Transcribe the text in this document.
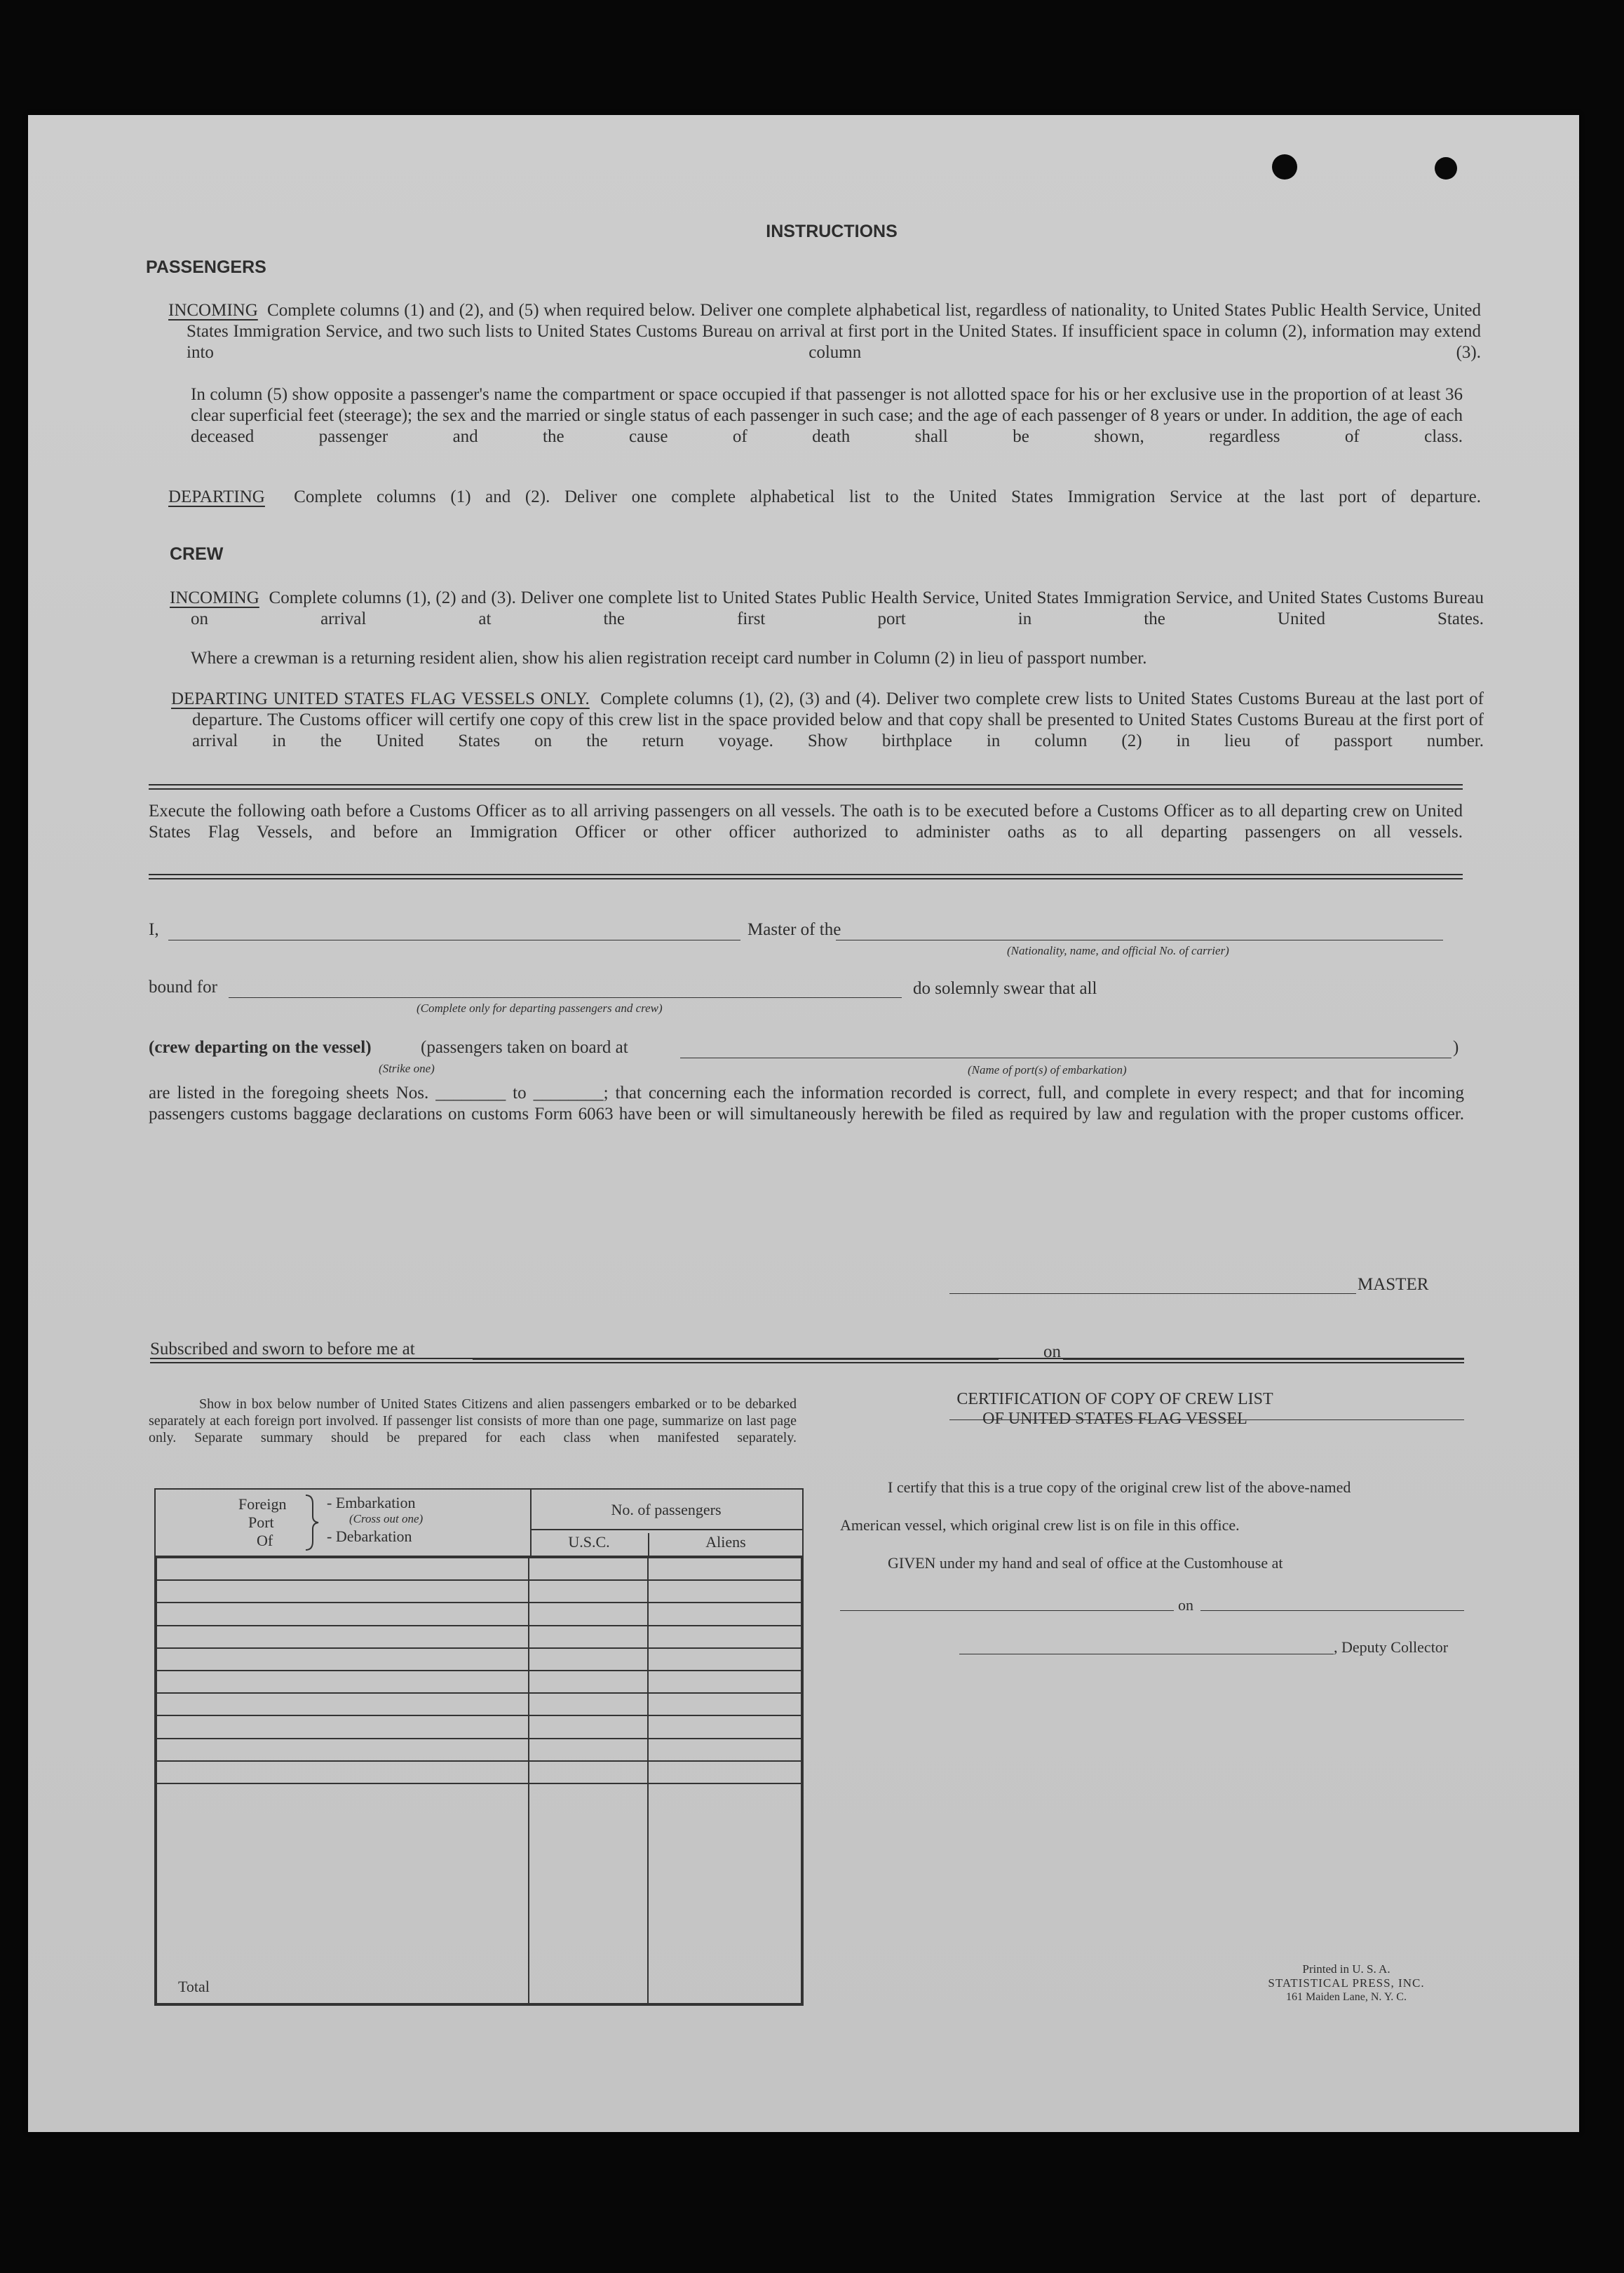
INSTRUCTIONS
PASSENGERS
INCOMING Complete columns (1) and (2), and (5) when required below. Deliver one complete alphabetical list, regardless of nationality, to United States Public Health Service, United States Immigration Service, and two such lists to United States Customs Bureau on arrival at first port in the United States. If insufficient space in column (2), information may extend into column (3).
In column (5) show opposite a passenger's name the compartment or space occupied if that passenger is not allotted space for his or her exclusive use in the proportion of at least 36 clear superficial feet (steerage); the sex and the married or single status of each passenger in such case; and the age of each passenger of 8 years or under. In addition, the age of each deceased passenger and the cause of death shall be shown, regardless of class.
DEPARTING Complete columns (1) and (2). Deliver one complete alphabetical list to the United States Immigration Service at the last port of departure.
CREW
INCOMING Complete columns (1), (2) and (3). Deliver one complete list to United States Public Health Service, United States Immigration Service, and United States Customs Bureau on arrival at the first port in the United States.
Where a crewman is a returning resident alien, show his alien registration receipt card number in Column (2) in lieu of passport number.
DEPARTING UNITED STATES FLAG VESSELS ONLY. Complete columns (1), (2), (3) and (4). Deliver two complete crew lists to United States Customs Bureau at the last port of departure. The Customs officer will certify one copy of this crew list in the space provided below and that copy shall be presented to United States Customs Bureau at the first port of arrival in the United States on the return voyage. Show birthplace in column (2) in lieu of passport number.
Execute the following oath before a Customs Officer as to all arriving passengers on all vessels. The oath is to be executed before a Customs Officer as to all departing crew on United States Flag Vessels, and before an Immigration Officer or other officer authorized to administer oaths as to all departing passengers on all vessels.
I,	Master of the
(Nationality, name, and official No. of carrier)
bound for
(Complete only for departing passengers and crew)
do solemnly swear that all
(crew departing on the vessel)	(passengers taken on board at	)
(Strike one)	(Name of port(s) of embarkation)
are listed in the foregoing sheets Nos. ________ to ________; that concerning each the information recorded is correct, full, and complete in every respect; and that for incoming passengers customs baggage declarations on customs Form 6063 have been or will simultaneously herewith be filed as required by law and regulation with the proper customs officer.
MASTER
Subscribed and sworn to before me at	on
Show in box below number of United States Citizens and alien passengers embarked or to be debarked separately at each foreign port involved. If passenger list consists of more than one page, summarize on last page only. Separate summary should be prepared for each class when manifested separately.
Foreign
Port
Of
- Embarkation
(Cross out one)
- Debarkation
No. of passengers
U.S.C.	Aliens

Total		
CERTIFICATION OF COPY OF CREW LIST
OF UNITED STATES FLAG VESSEL
I certify that this is a true copy of the original crew list of the above-named
American vessel, which original crew list is on file in this office.
GIVEN under my hand and seal of office at the Customhouse at
on
, Deputy Collector
Printed in U. S. A.
STATISTICAL PRESS, INC.
161 Maiden Lane, N. Y. C.
